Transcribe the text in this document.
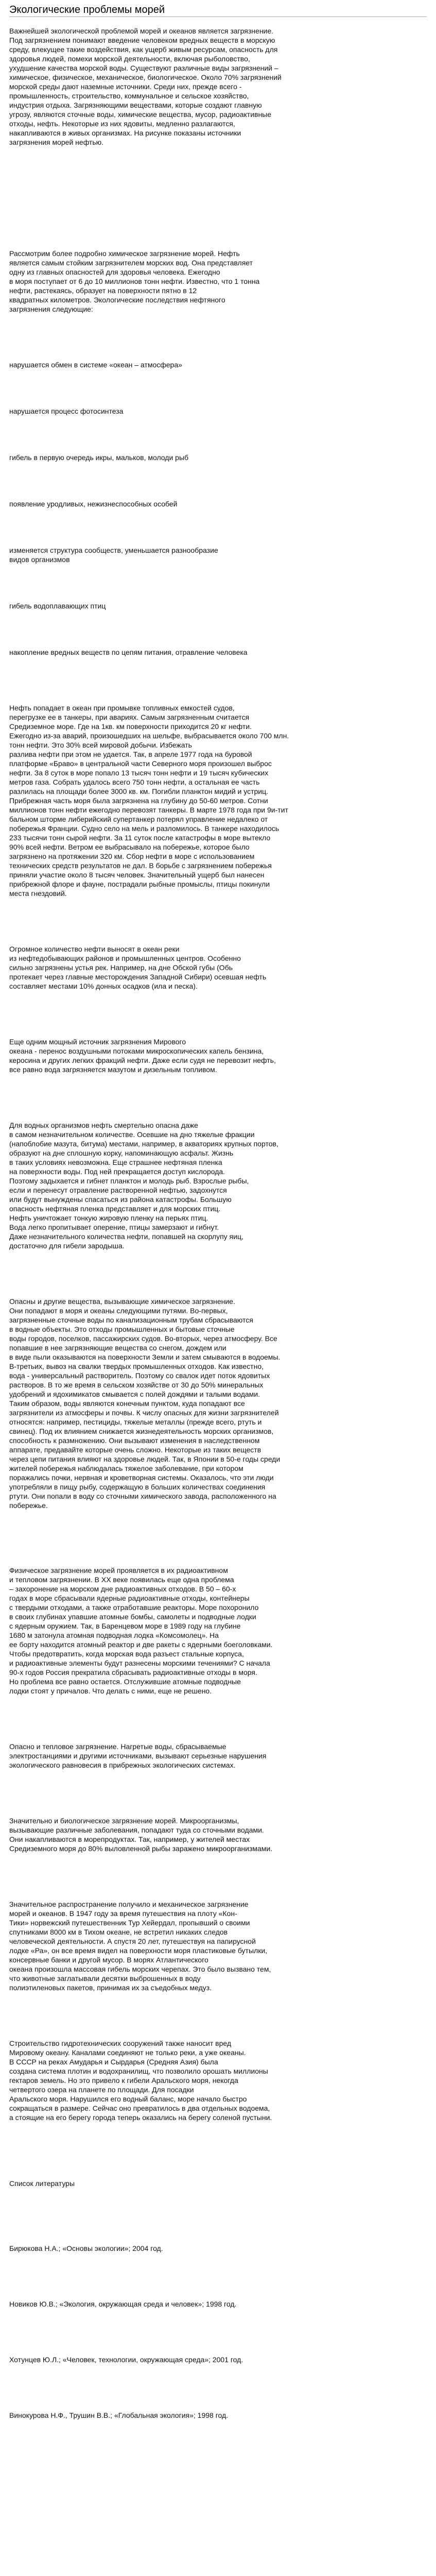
Экологические проблемы морей

Важнейшей экологической проблемой морей и океанов является загрязнение.
Под загрязнением понимают введение человеком вредных веществ в морскую
среду, влекущее такие воздействия, как ущерб живым ресурсам, опасность для
здоровья людей, помехи морской деятельности, включая рыболовство,
ухудшение качества морской воды. Существуют различные виды загрязнений –
химическое, физическое, механическое, биологическое. Около 70% загрязнений
морской среды дают наземные источники. Среди них, прежде всего -
промышленность, строительство, коммунальное и сельское хозяйство,
индустрия отдыха. Загрязняющими веществами, которые создают главную
угрозу, являются сточные воды, химические вещества, мусор, радиоактивные
отходы, нефть. Некоторые из них ядовиты, медленно разлагаются,
накапливаются в живых организмах. На рисунке показаны источники
загрязнения морей нефтью.

Рассмотрим более подробно химическое загрязнение морей. Нефть
является самым стойким загрязнителем морских вод. Она представляет
одну из главных опасностей для здоровья человека. Ежегодно
в моря поступает от 6 до 10 миллионов тонн нефти. Известно, что 1 тонна
нефти, растекаясь, образует на поверхности пятно в 12
квадратных километров. Экологические последствия нефтяного
загрязнения следующие:

нарушается обмен в системе «океан – атмосфера»

нарушается процесс фотосинтеза

гибель в первую очередь икры, мальков, молоди рыб

появление уродливых, нежизнеспособных особей

изменяется структура сообществ, уменьшается разнообразие
видов организмов

гибель водоплавающих птиц

накопление вредных веществ по цепям питания, отравление человека

Нефть попадает в океан при промывке топливных емкостей судов,
перегрузке ее в танкеры, при авариях. Самым загрязненным считается
Средиземное море. Где на 1кв. км поверхности приходится 20 кг нефти.
Ежегодно из-за аварий, произошедших на шельфе, выбрасывается около 700 млн.
тонн нефти. Это 30% всей мировой добычи. Избежать
разлива нефти при этом не удается. Так, в апреле 1977 года на буровой
платформе «Браво» в центральной части Северного моря произошел выброс
нефти. За 8 суток в море попало 13 тысяч тонн нефти и 19 тысяч кубических
метров газа. Собрать удалось всего 750 тонн нефти, а остальная ее часть
разлилась на площади более 3000 кв. км. Погибли планктон мидий и устриц.
Прибрежная часть моря была загрязнена на глубину до 50-60 метров. Сотни
миллионов тонн нефти ежегодно перевозят танкеры. В марте 1978 года при 9и-тит
бальном шторме либерийский супертанкер потерял управление недалеко от
побережья Франции. Судно село на мель и разломилось. В танкере находилось
233 тысячи тонн сырой нефти. За 11 суток после катастрофы в море вытекло
90% всей нефти. Ветром ее выбрасывало на побережье, которое было
загрязнено на протяжении 320 км. Сбор нефти в море с использованием
технических средств результатов не дал. В борьбе с загрязнением побережья
приняли участие около 8 тысяч человек. Значительный ущерб был нанесен
прибрежной флоре и фауне, пострадали рыбные промыслы, птицы покинули
места гнездовий.

Огромное количество нефти выносят в океан реки
из нефтедобывающих районов и промышленных центров. Особенно
сильно загрязнены устья рек. Например, на дне Обской губы (Обь
протекает через главные месторождения Западной Сибири) осевшая нефть
составляет местами 10% донных осадков (ила и песка).

Еще одним мощный источник загрязнения Мирового
океана - перенос воздушными потоками микроскопических капель бензина,
керосина и других легких фракций нефти. Даже если судя не перевозит нефть,
все равно вода загрязняется мазутом и дизельным топливом.

Для водных организмов нефть смертельно опасна даже
в самом незначительном количестве. Осевшие на дно тяжелые фракции
(напоблобие мазута, битума) местами, например, в акваториях крупных портов,
образуют на дне сплошную корку, напоминающую асфальт. Жизнь
в таких условиях невозможна. Еще страшнее нефтяная пленка
на поверхности воды. Под ней прекращается доступ кислорода.
Поэтому задыхается и гибнет планктон и молодь рыб. Взрослые рыбы,
если и перенесут отравление растворенной нефтью, задохнутся
или будут вынуждены спасаться из района катастрофы. Большую
опасность нефтяная пленка представляет и для морских птиц.
Нефть уничтожает тонкую жировую пленку на перьях птиц.
Вода легко пропитывает оперение, птицы замерзают и гибнут.
Даже незначительного количества нефти, попавшей на скорлупу яиц,
достаточно для гибели зародыша.

Опасны и другие вещества, вызывающие химическое загрязнение.
Они попадают в моря и океаны следующими путями. Во-первых,
загрязненные сточные воды по канализационным трубам сбрасываются
в водные объекты. Это отходы промышленных и бытовые сточные
воды городов, поселков, пассажирских судов. Во-вторых, через атмосферу. Все
попавшие в нее загрязняющие вещества со снегом, дождем или
в виде пыли оказываются на поверхности Земли и затем смываются в водоемы.
В-третьих, вывоз на свалки твердых промышленных отходов. Как известно,
вода - универсальный растворитель. Поэтому со свалок идет поток ядовитых
растворов. В то же время в сельском хозяйстве от 30 до 50% минеральных
удобрений и ядохимикатов смывается с полей дождями и талыми водами.
Таким образом, воды являются конечным пунктом, куда попадают все
загрязнители из атмосферы и почвы. К числу опасных для жизни загрязнителей
относятся: например, пестициды, тяжелые металлы (прежде всего, ртуть и
свинец). Под их влиянием снижается жизнедеятельность морских организмов,
способность к размножению. Они вызывают изменения в наследственном
аппарате, предавайте которые очень сложно. Некоторые из таких веществ
через цепи питания влияют на здоровье людей. Так, в Японии в 50-е годы среди
жителей побережья наблюдалась тяжелое заболевание, при котором
поражались почки, нервная и кроветворная системы. Оказалось, что эти люди
употребляли в пищу рыбу, содержащую в больших количествах соединения
ртути. Они попали в воду со сточными химического завода, расположенного на
побережье.

Физическое загрязнение морей проявляется в их радиоактивном
и тепловом загрязнении. В ХХ веке появилась еще одна проблема
– захоронение на морском дне радиоактивных отходов. В 50 – 60-х
годах в море сбрасывали ядерные радиоактивные отходы, контейнеры
с твердыми отходами, а также отработавшие реакторы. Море похоронило
в своих глубинах упавшие атомные бомбы, самолеты и подводные лодки
с ядерным оружием. Так, в Баренцевом море в 1989 году на глубине
1680 м затонула атомная подводная лодка «Комсомолец». На
ее борту находится атомный реактор и две ракеты с ядерными боеголовками.
Чтобы предотвратить, когда морская вода разъест стальные корпуса,
и радиоактивные элементы будут разнесены морскими течениями? С начала
90-х годов Россия прекратила сбрасывать радиоактивные отходы в моря.
Но проблема все равно остается. Отслужившие атомные подводные
лодки стоят у причалов. Что делать с ними, еще не решено.

Опасно и тепловое загрязнение. Нагретые воды, сбрасываемые
электростанциями и другими источниками, вызывают серьезные нарушения
экологического равновесия в прибрежных экологических системах.

Значительно и биологическое загрязнение морей. Микроорганизмы,
вызывающие различные заболевания, попадают туда со сточными водами.
Они накапливаются в морепродуктах. Так, например, у жителей местах
Средиземного моря до 80% выловленной рыбы заражено микроорганизмами.

Значительное распространение получило и механическое загрязнение
морей и океанов. В 1947 году за время путешествия на плоту «Кон-
Тики» норвежский путешественник Тур Хейердал, пропывший о своими
спутниками 8000 км в Тихом океане, не встретил никаких следов
человеческой деятельности. А спустя 20 лет, путешествуя на папирусной
лодке «Ра», он все время видел на поверхности моря пластиковые бутылки,
консервные банки и другой мусор. В морях Атлантического
океана произошла массовая гибель морских черепах. Это было вызвано тем,
что животные заглатывали десятки выброшенных в воду
полиэтиленовых пакетов, принимая их за съедобных медуз.

Строительство гидротехнических сооружений также наносит вред
Мировому океану. Каналами соединяют не только реки, а уже океаны.
В СССР на реках Амударья и Сырдарья (Средняя Азия) была
создана система плотин и водохранилищ, что позволило орошать миллионы
гектаров земель. Но это привело к гибели Аральского моря, некогда
четвертого озера на планете по площади. Для посадки
Аральского моря. Нарушился его водный баланс, море начало быстро
сокращаться в размере. Сейчас оно превратилось в два отдельных водоема,
а стоящие на его берегу города теперь оказались на берегу соленой пустыни.

Список литературы

Бирюкова Н.А.; «Основы экологии»; 2004 год.

Новиков Ю.В.; «Экология, окружающая среда и человек»; 1998 год.

Хотунцев Ю.Л.; «Человек, технологии, окружающая среда»; 2001 год.

Винокурова Н.Ф., Трушин В.В.; «Глобальная экология»; 1998 год.
